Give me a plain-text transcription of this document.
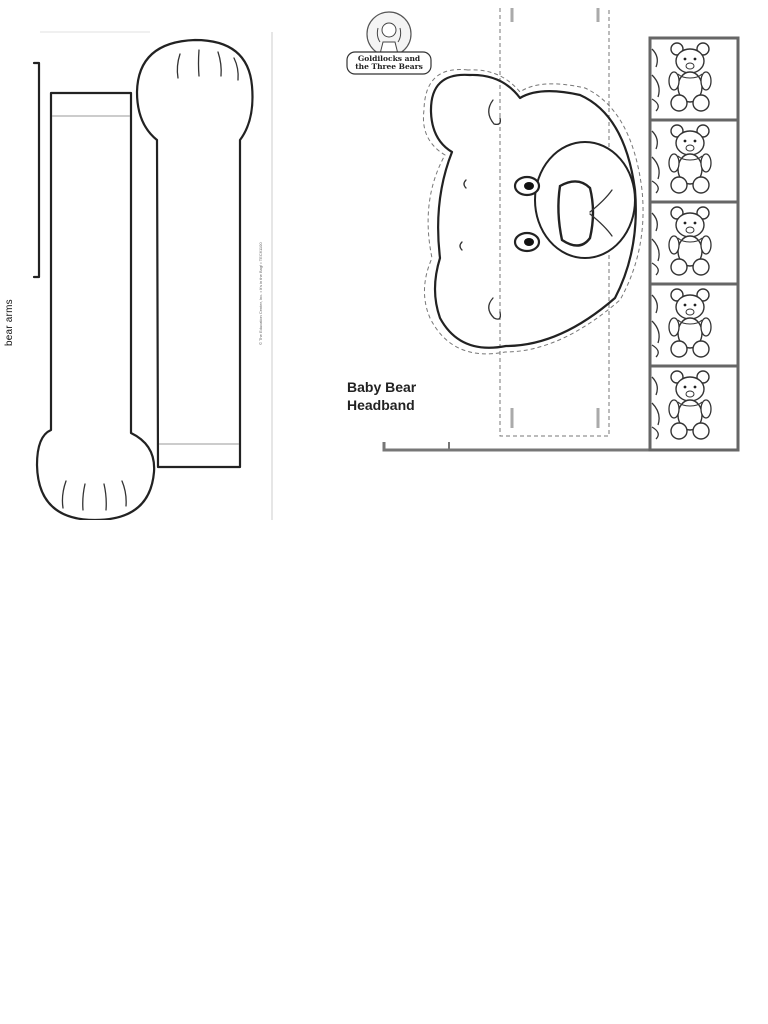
bear arms	© The Education Center, Inc. • It's in the Bag! • TEC61100
Goldilocks and
the Three Bears
Baby Bear
Headband
